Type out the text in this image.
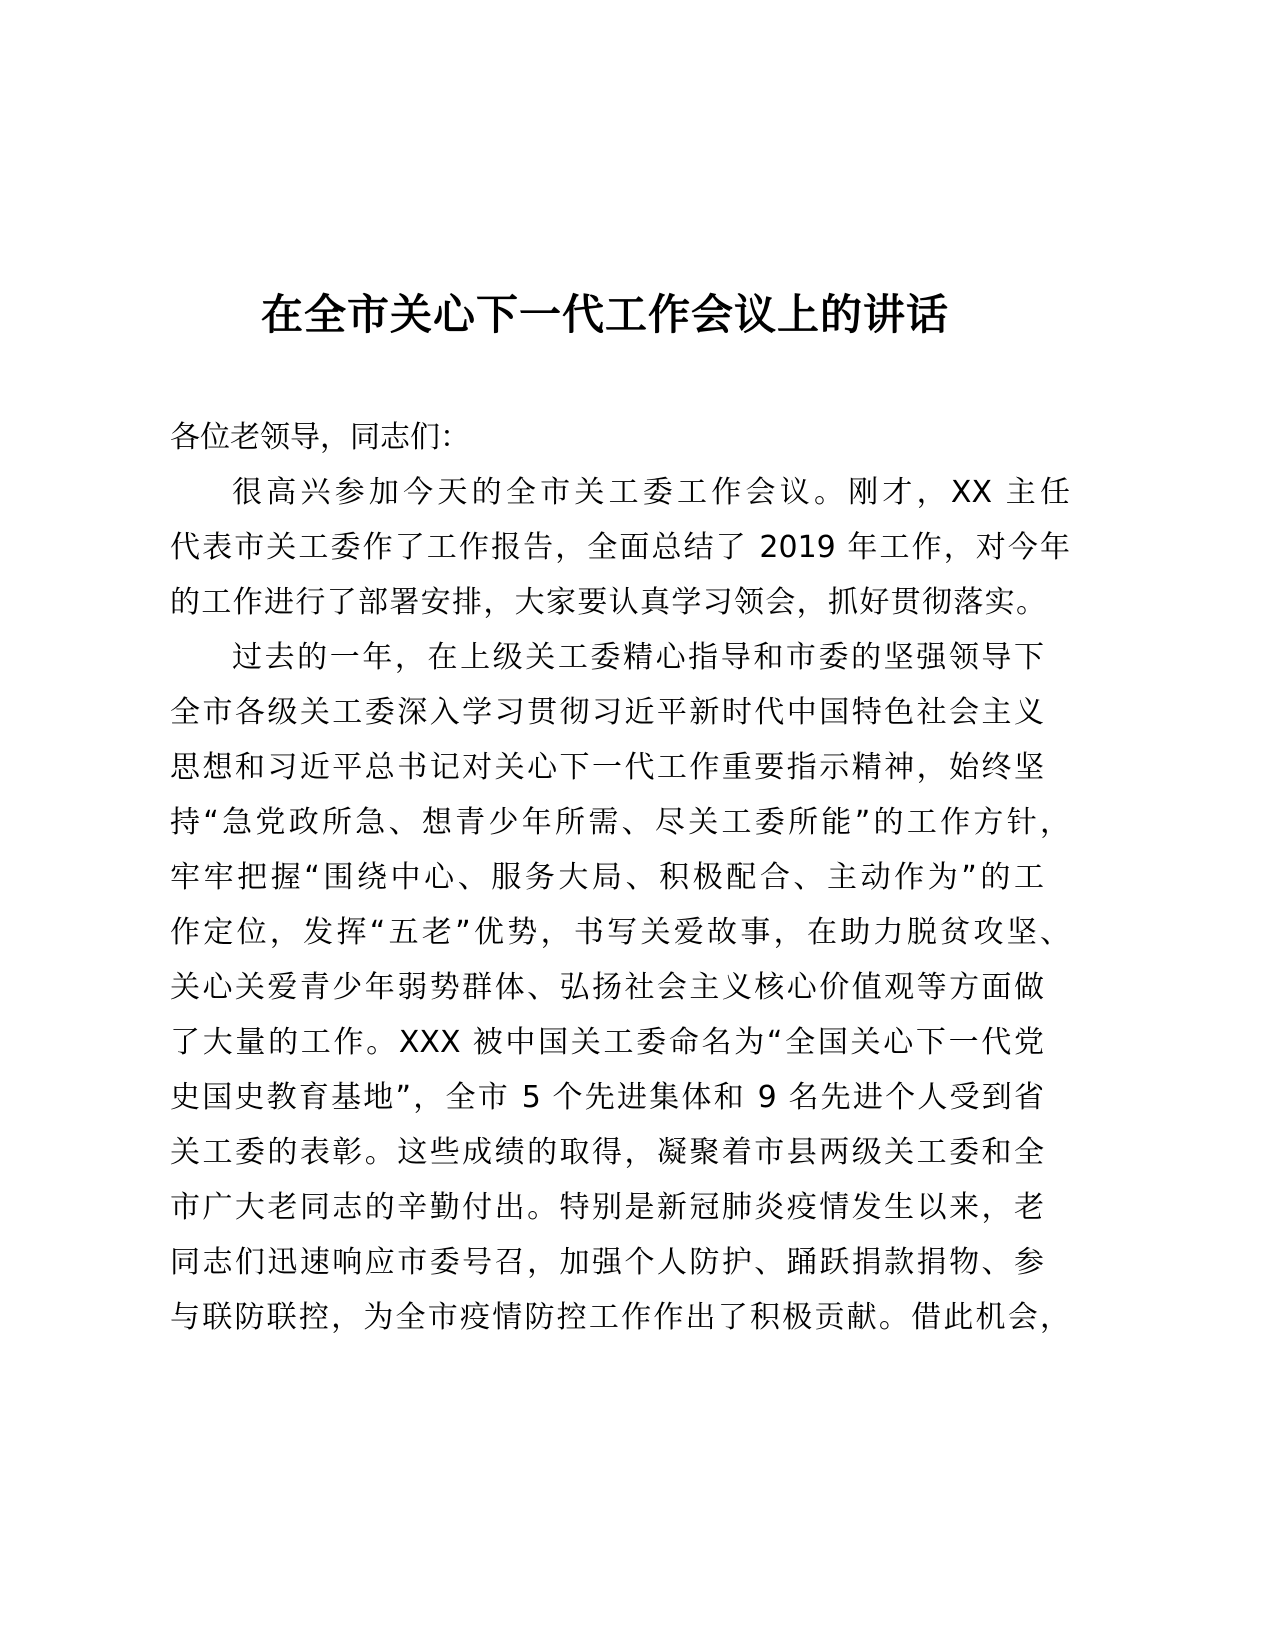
在全市关心下一代工作会议上的讲话
各位老领导，同志们：
很高兴参加今天的全市关工委工作会议。刚才，XX 主任
代表市关工委作了工作报告，全面总结了 2019 年工作，对今年
的工作进行了部署安排，大家要认真学习领会，抓好贯彻落实。
过去的一年，在上级关工委精心指导和市委的坚强领导下
全市各级关工委深入学习贯彻习近平新时代中国特色社会主义
思想和习近平总书记对关心下一代工作重要指示精神，始终坚
持“急党政所急、想青少年所需、尽关工委所能”的工作方针，
牢牢把握“围绕中心、服务大局、积极配合、主动作为”的工
作定位，发挥“五老”优势，书写关爱故事，在助力脱贫攻坚、
关心关爱青少年弱势群体、弘扬社会主义核心价值观等方面做
了大量的工作。XXX 被中国关工委命名为“全国关心下一代党
史国史教育基地”，全市 5 个先进集体和 9 名先进个人受到省
关工委的表彰。这些成绩的取得，凝聚着市县两级关工委和全
市广大老同志的辛勤付出。特别是新冠肺炎疫情发生以来，老
同志们迅速响应市委号召，加强个人防护、踊跃捐款捐物、参
与联防联控，为全市疫情防控工作作出了积极贡献。借此机会，
